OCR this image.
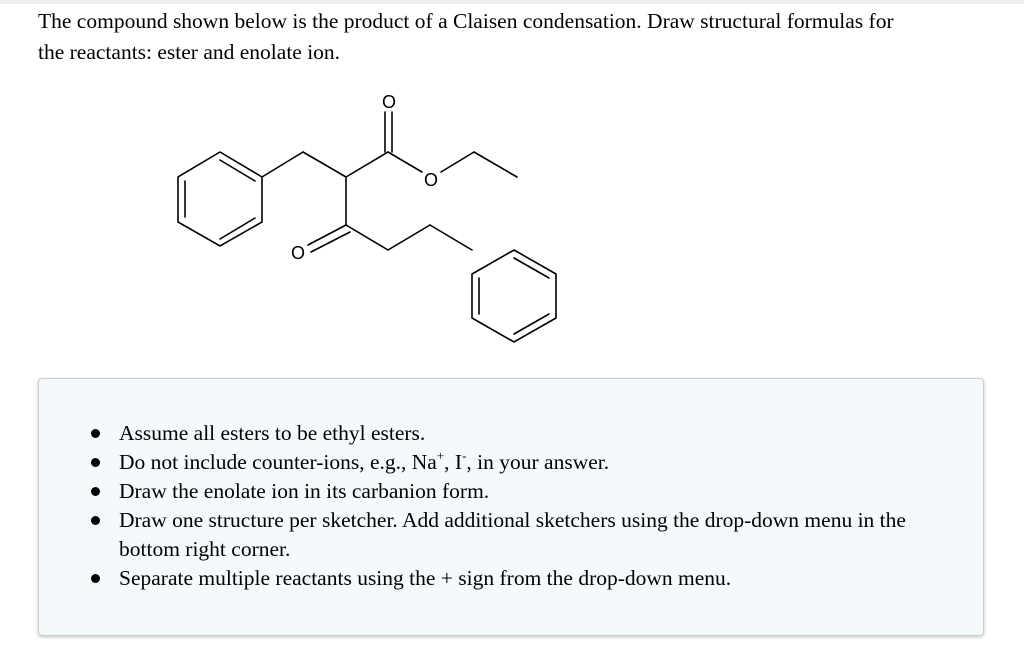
The compound shown below is the product of a Claisen condensation. Draw structural formulas for
the reactants: ester and enolate ion.

O
O
O
Assume all esters to be ethyl esters.
Do not include counter-ions, e.g., Na+, I-, in your answer.
Draw the enolate ion in its carbanion form.
Draw one structure per sketcher. Add additional sketchers using the drop-down menu in the bottom right corner.
Separate multiple reactants using the + sign from the drop-down menu.
